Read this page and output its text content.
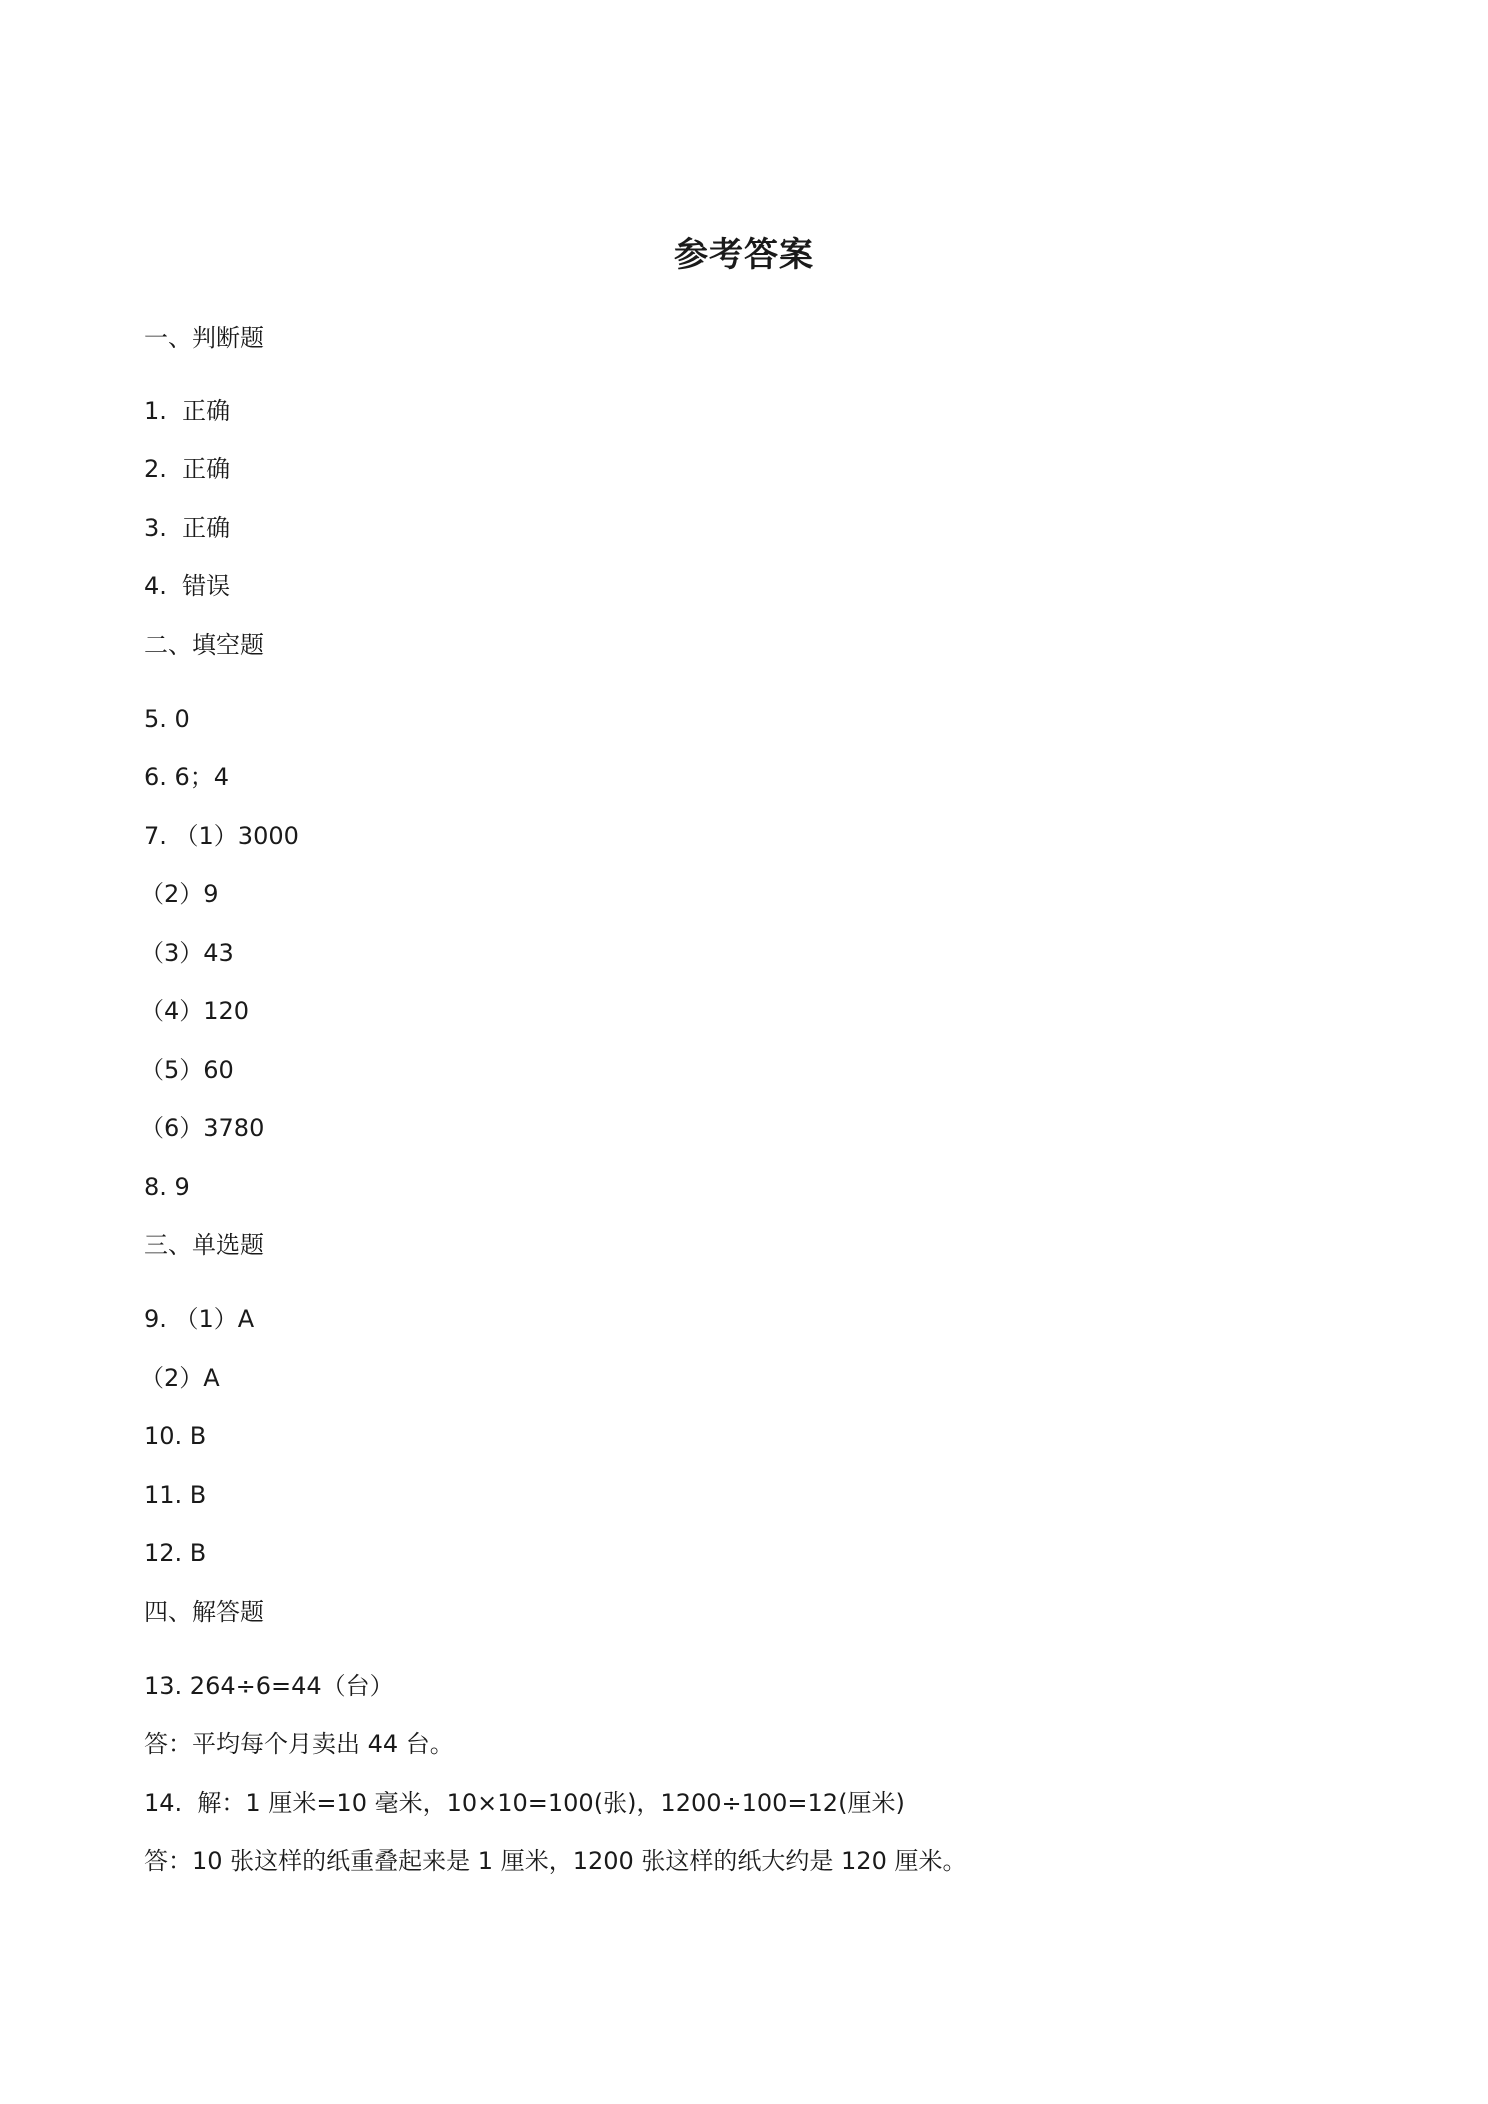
参考答案
一、判断题
1.  正确
2.  正确
3.  正确
4.  错误
二、填空题
5. 0
6. 6；4
7. （1）3000
（2）9
（3）43
（4）120
（5）60
（6）3780
8. 9
三、单选题
9. （1）A
（2）A
10. B
11. B
12. B
四、解答题
13. 264÷6=44（台）
答：平均每个月卖出 44 台。
14.  解：1 厘米=10 毫米，10×10=100(张)，1200÷100=12(厘米)
答：10 张这样的纸重叠起来是 1 厘米，1200 张这样的纸大约是 120 厘米。
